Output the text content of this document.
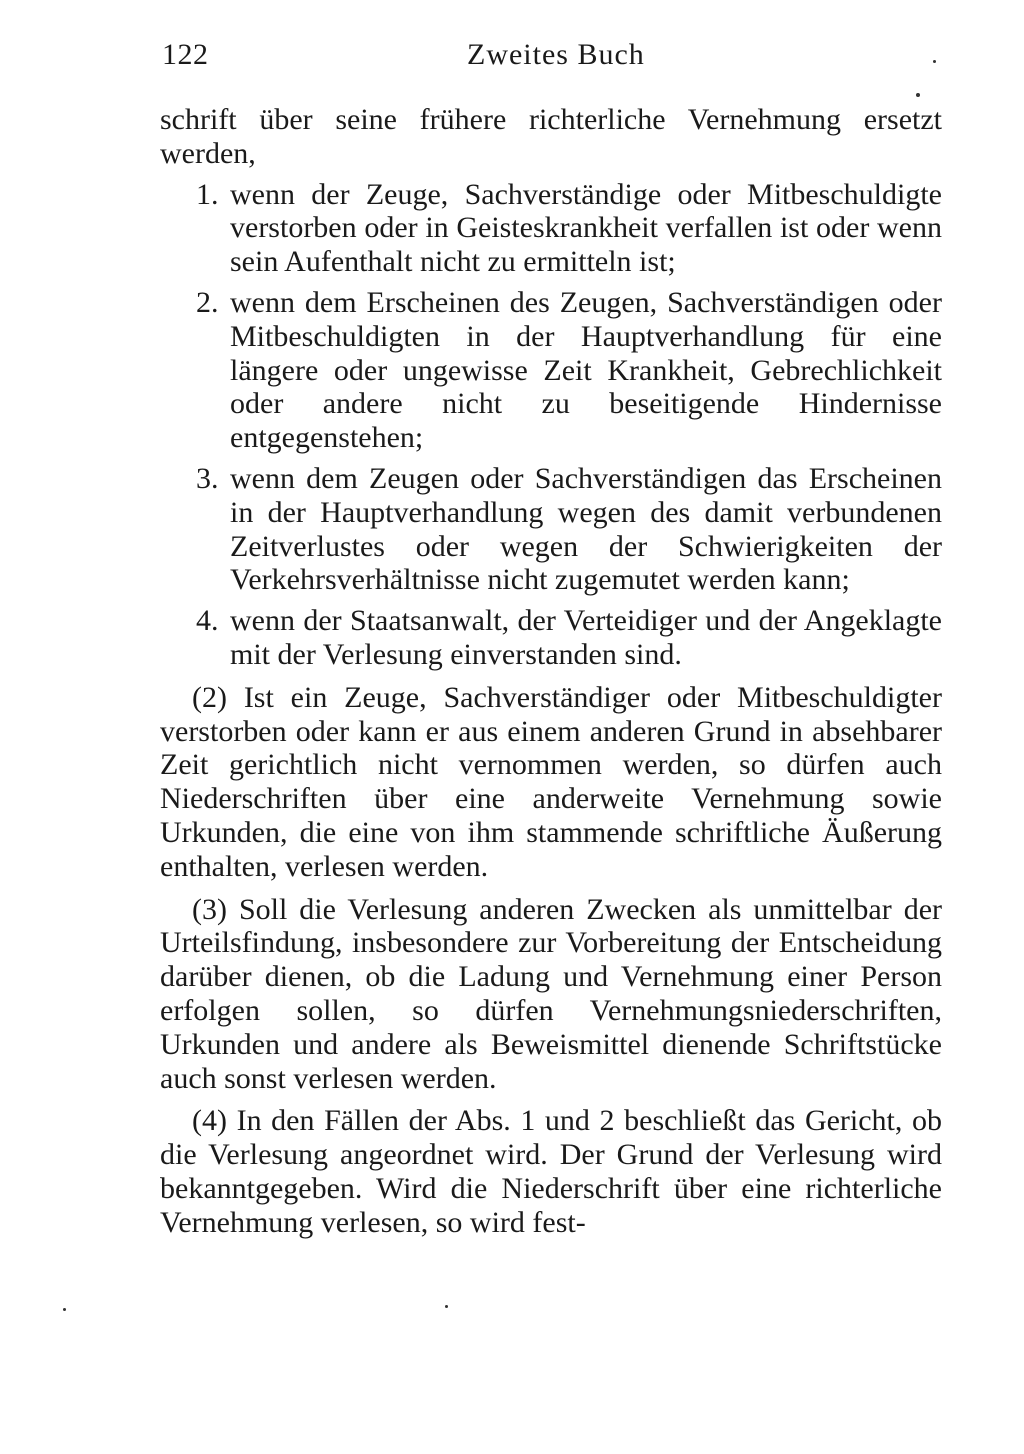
122	Zweites Buch

schrift über seine frühere richterliche Vernehmung ersetzt werden,

1. wenn der Zeuge, Sachverständige oder Mitbeschuldigte verstorben oder in Geisteskrankheit verfallen ist oder wenn sein Aufenthalt nicht zu ermitteln ist;

2. wenn dem Erscheinen des Zeugen, Sachverständigen oder Mitbeschuldigten in der Hauptverhandlung für eine längere oder ungewisse Zeit Krankheit, Gebrechlichkeit oder andere nicht zu beseitigende Hindernisse entgegenstehen;

3. wenn dem Zeugen oder Sachverständigen das Erscheinen in der Hauptverhandlung wegen des damit verbundenen Zeitverlustes oder wegen der Schwierigkeiten der Verkehrsverhältnisse nicht zugemutet werden kann;

4. wenn der Staatsanwalt, der Verteidiger und der Angeklagte mit der Verlesung einverstanden sind.

(2) Ist ein Zeuge, Sachverständiger oder Mitbeschuldigter verstorben oder kann er aus einem anderen Grund in absehbarer Zeit gerichtlich nicht vernommen werden, so dürfen auch Niederschriften über eine anderweite Vernehmung sowie Urkunden, die eine von ihm stammende schriftliche Äußerung enthalten, verlesen werden.

(3) Soll die Verlesung anderen Zwecken als unmittelbar der Urteilsfindung, insbesondere zur Vorbereitung der Entscheidung darüber dienen, ob die Ladung und Vernehmung einer Person erfolgen sollen, so dürfen Vernehmungsniederschriften, Urkunden und andere als Beweismittel dienende Schriftstücke auch sonst verlesen werden.

(4) In den Fällen der Abs. 1 und 2 beschließt das Gericht, ob die Verlesung angeordnet wird. Der Grund der Verlesung wird bekanntgegeben. Wird die Niederschrift über eine richterliche Vernehmung verlesen, so wird fest-
